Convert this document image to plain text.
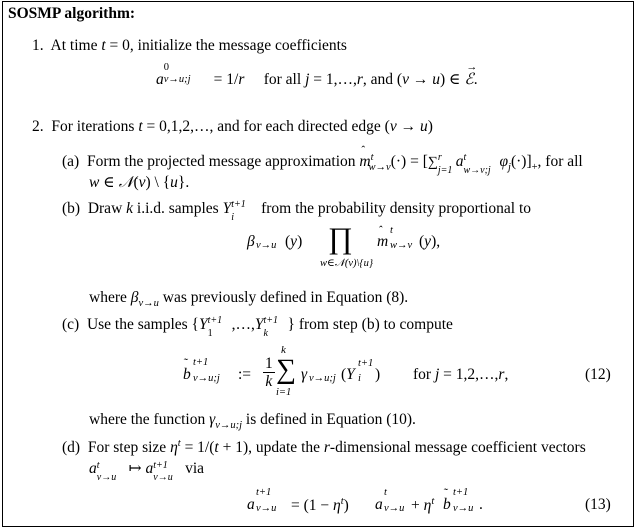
SOSMP algorithm:
1. At time t = 0, initialize the message coefficients
a
0
v→u;j = 1/r for all j = 1,…,r, and (v → u) ∈
→
ℰ.
2. For iterations t = 0,1,2,…, and for each directed edge (v → u)
(a) Form the projected message approximation ˆ $m^t_{w\to v}(\cdot)$ = [∑ r
j=1
a t
w→v;j
$\varphi_j(\cdot)]_+$, for all
w ∈ 𝒩(v) \ {u}.
(b) Draw k i.i.d. samples Y t+1
i
from the probability density proportional to
β v→u (y) ∏
w∈𝒩(v)\{u}
ˆ m
t
w→v (y),
where $\beta_{v\to u}$ was previously defined in Equation (8).
(c) Use the samples {Y t+1
1
,…,Y t+1
k
} from step (b) to compute
˜ b
t+1
v→u;j := $\frac{1}{k}$
k
∑
i=1
γ v→u;j (Y
t+1
i ) for j = 1,2,…,r,	(12)
where the function $\gamma_{v\to u;j}$ is defined in Equation (10).
(d) For step size $\eta^t = 1/(t + 1)$, update the r-dimensional message coefficient vectors
a t
v→u
↦ a t+1
v→u
via
a
t+1
$v\to u = (1 - \eta^t)$ a
t
$v\to u + \eta^t$
˜ b
t+1
v→u .	(13)
